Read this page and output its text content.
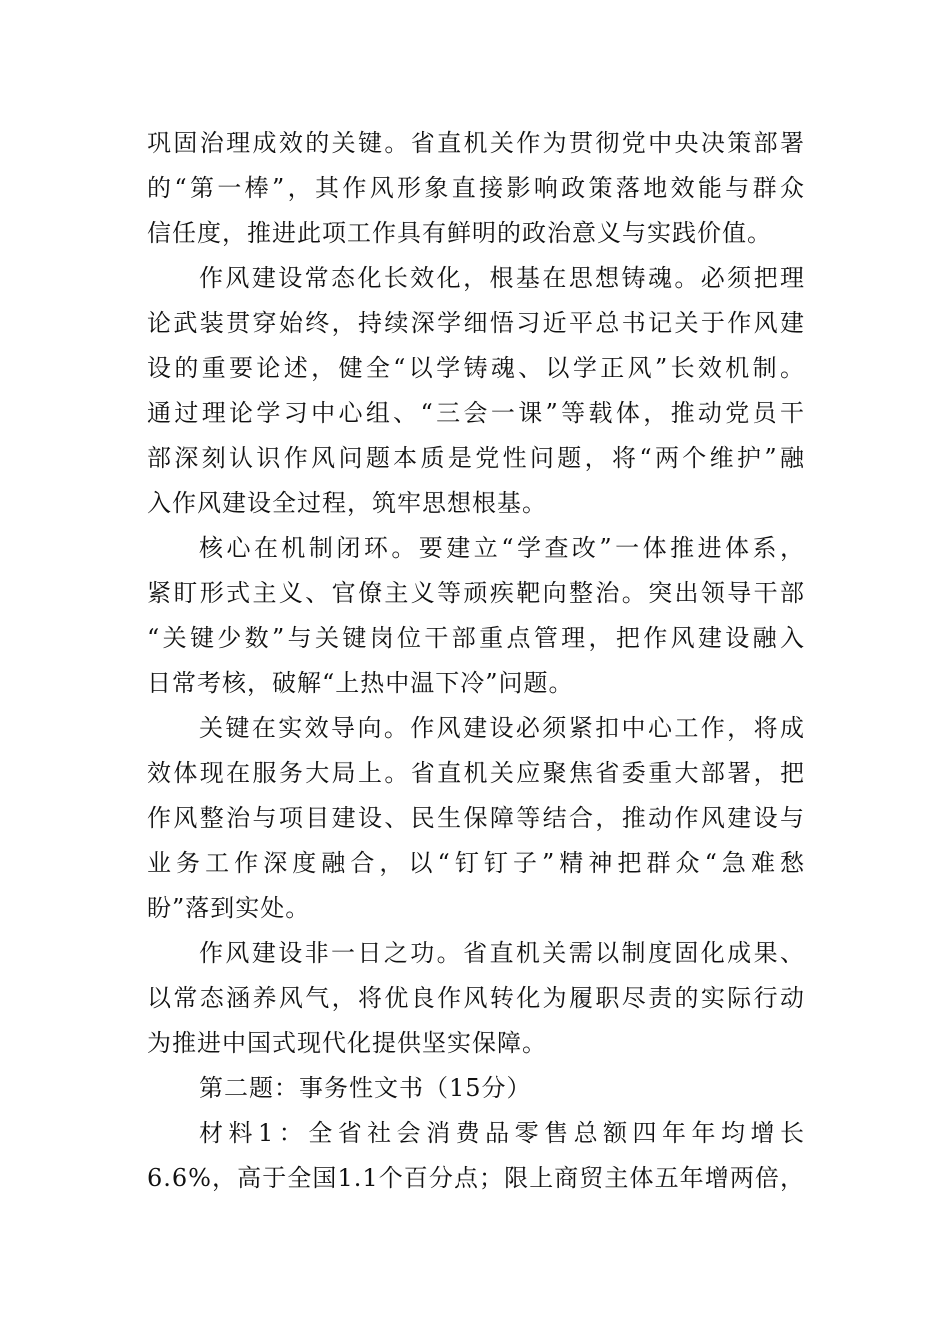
巩固治理成效的关键。省直机关作为贯彻党中央决策部署
的“第一棒”，其作风形象直接影响政策落地效能与群众
信任度，推进此项工作具有鲜明的政治意义与实践价值。

作风建设常态化长效化，根基在思想铸魂。必须把理
论武装贯穿始终，持续深学细悟习近平总书记关于作风建
设的重要论述，健全“以学铸魂、以学正风”长效机制。
通过理论学习中心组、“三会一课”等载体，推动党员干
部深刻认识作风问题本质是党性问题，将“两个维护”融
入作风建设全过程，筑牢思想根基。

核心在机制闭环。要建立“学查改”一体推进体系，
紧盯形式主义、官僚主义等顽疾靶向整治。突出领导干部
“关键少数”与关键岗位干部重点管理，把作风建设融入
日常考核，破解“上热中温下冷”问题。

关键在实效导向。作风建设必须紧扣中心工作，将成
效体现在服务大局上。省直机关应聚焦省委重大部署，把
作风整治与项目建设、民生保障等结合，推动作风建设与
业务工作深度融合，以“钉钉子”精神把群众“急难愁
盼”落到实处。

作风建设非一日之功。省直机关需以制度固化成果、
以常态涵养风气，将优良作风转化为履职尽责的实际行动
为推进中国式现代化提供坚实保障。

第二题：事务性文书（15分）

材料1：全省社会消费品零售总额四年年均增长
6.6%，高于全国1.1个百分点；限上商贸主体五年增两倍，
